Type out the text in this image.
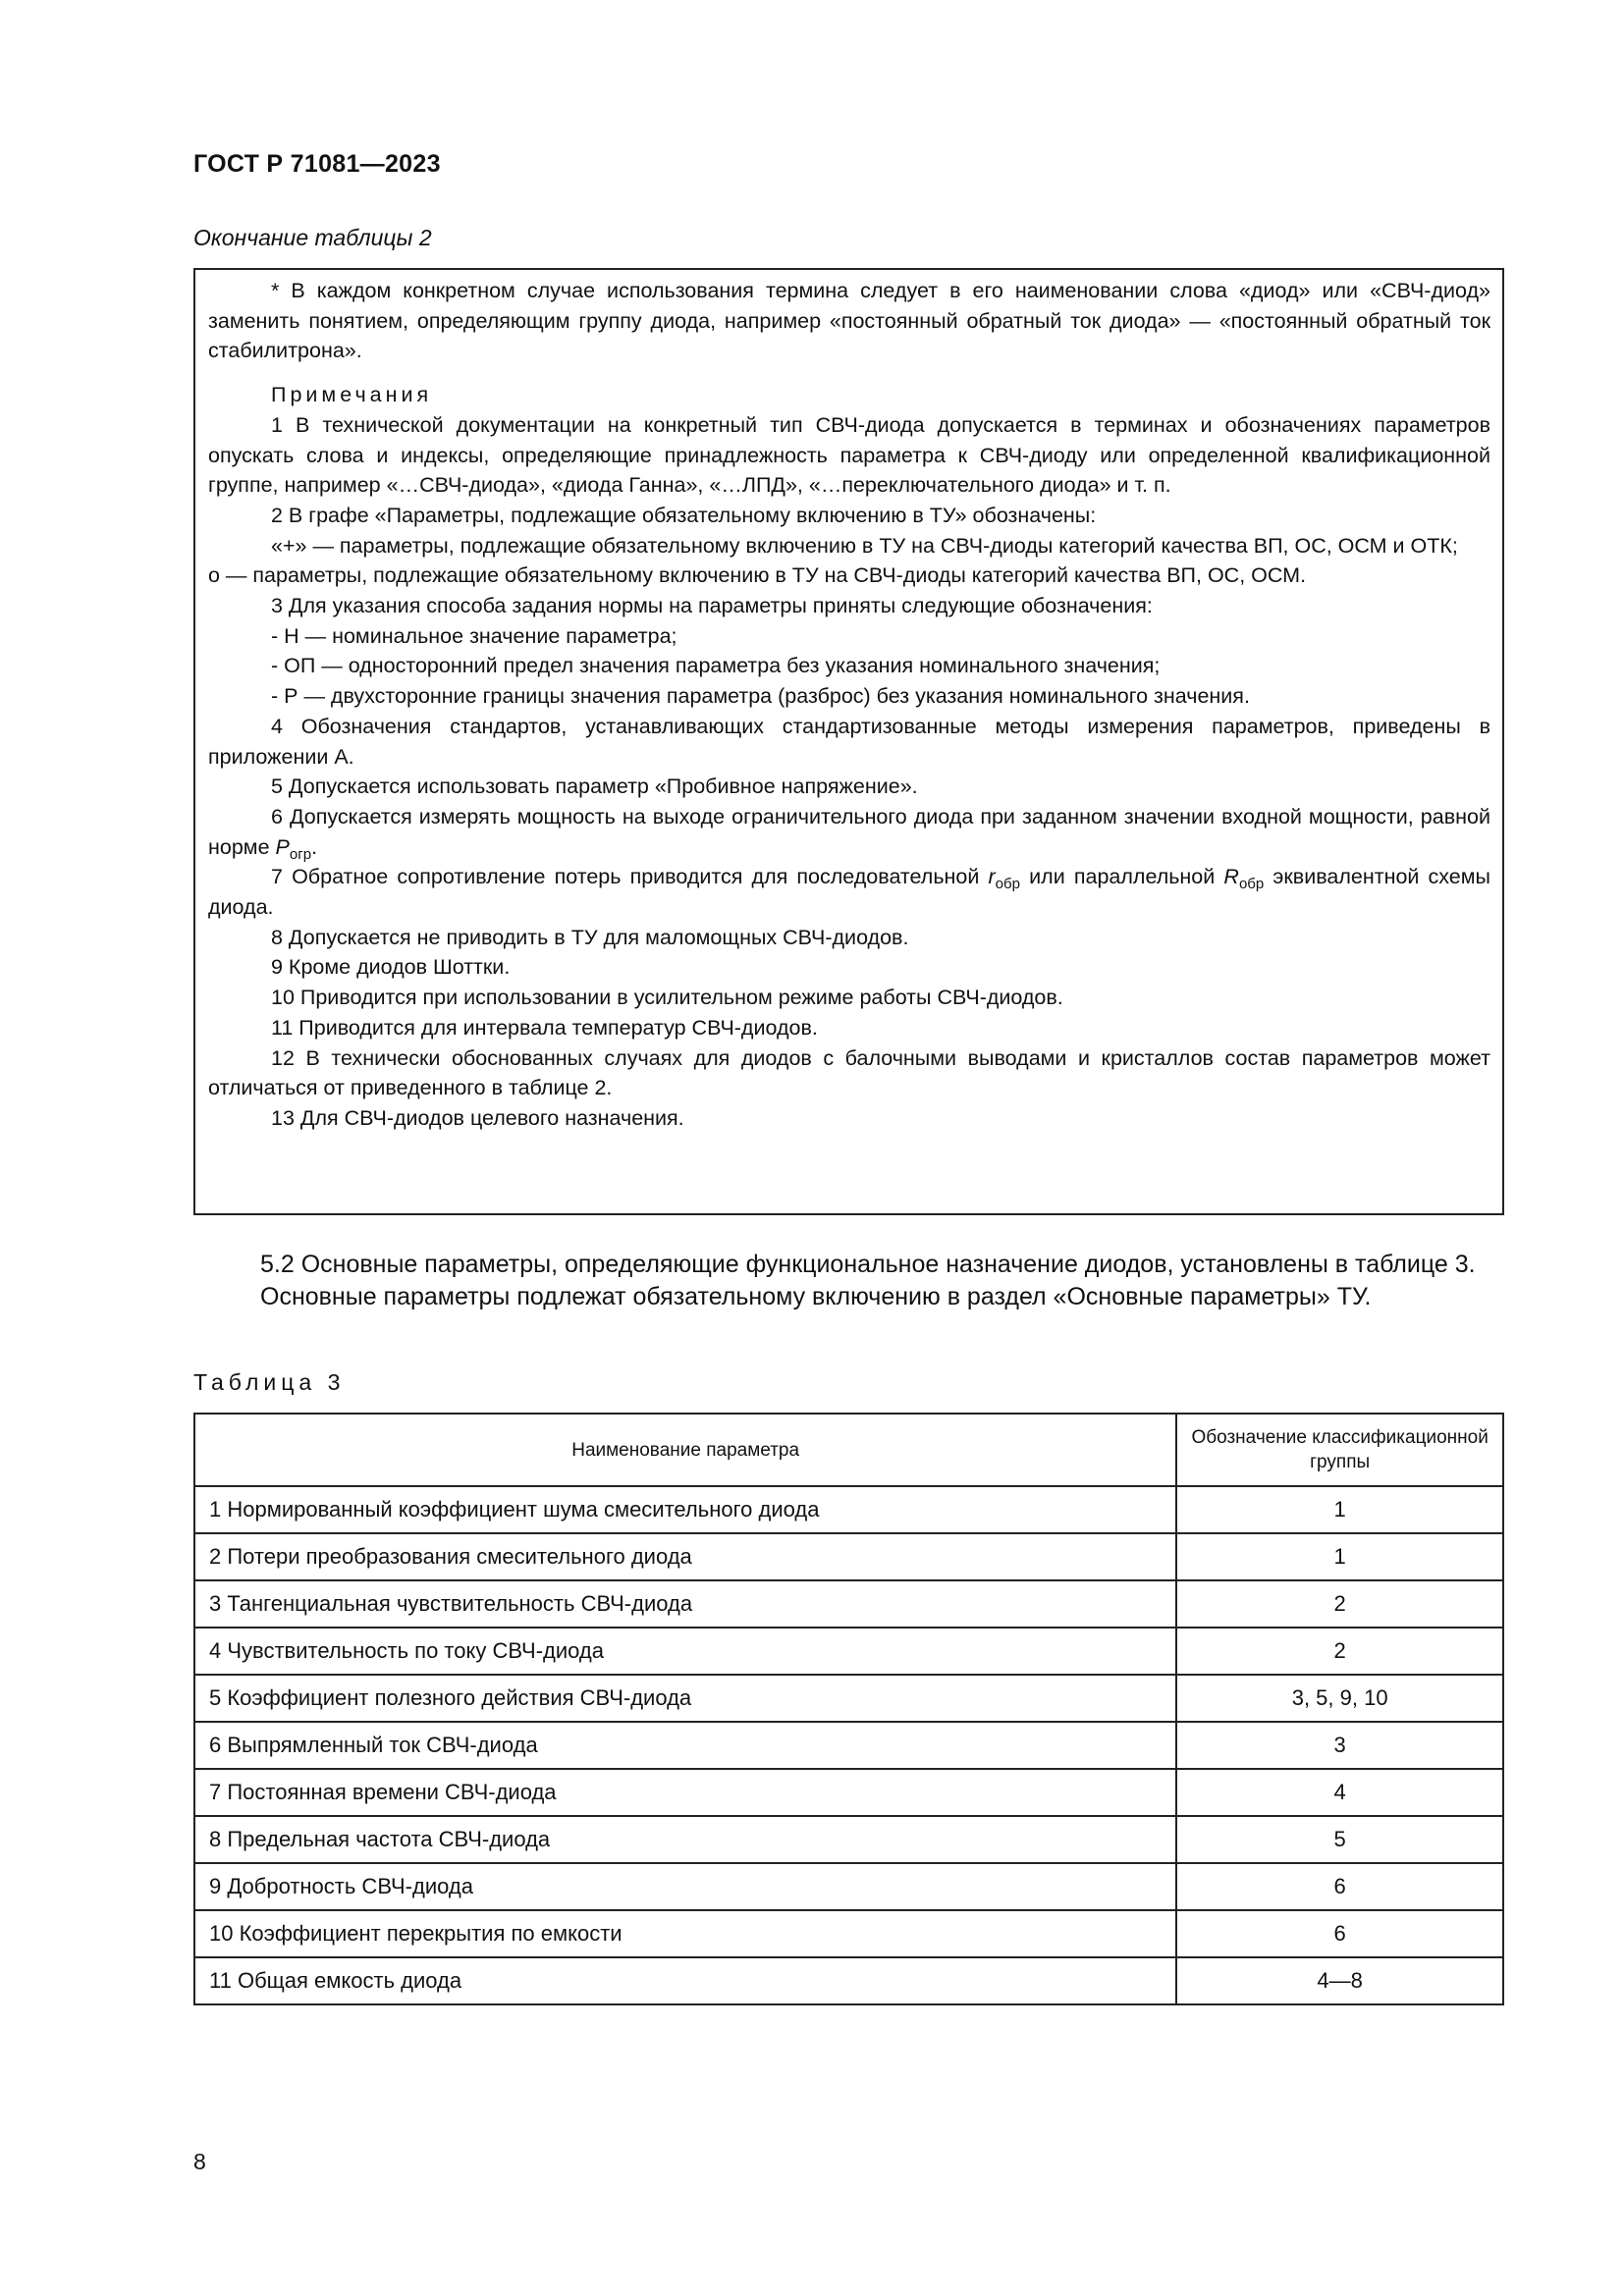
ГОСТ Р 71081—2023
Окончание таблицы 2

* В каждом конкретном случае использования термина следует в его наименовании слова «диод» или «СВЧ-диод» заменить понятием, определяющим группу диода, например «постоянный обратный ток диода» — «постоянный обратный ток стабилитрона».

Примечания

1 В технической документации на конкретный тип СВЧ-диода допускается в терминах и обозначениях параметров опускать слова и индексы, определяющие принадлежность параметра к СВЧ-диоду или определенной квалификационной группе, например «…СВЧ-диода», «диода Ганна», «…ЛПД», «…переключательного диода» и т. п.

2 В графе «Параметры, подлежащие обязательному включению в ТУ» обозначены:

«+» — параметры, подлежащие обязательному включению в ТУ на СВЧ-диоды категорий качества ВП, ОС, ОСМ и ОТК;

о — параметры, подлежащие обязательному включению в ТУ на СВЧ-диоды категорий качества ВП, ОС, ОСМ.

3 Для указания способа задания нормы на параметры приняты следующие обозначения:

- Н — номинальное значение параметра;

- ОП — односторонний предел значения параметра без указания номинального значения;

- Р — двухсторонние границы значения параметра (разброс) без указания номинального значения.

4 Обозначения стандартов, устанавливающих стандартизованные методы измерения параметров, приведены в приложении А.

5 Допускается использовать параметр «Пробивное напряжение».

6 Допускается измерять мощность на выходе ограничительного диода при заданном значении входной мощности, равной норме $P_{огр}$.

7 Обратное сопротивление потерь приводится для последовательной $r_{обр}$ или параллельной $R_{обр}$ эквивалентной схемы диода.

8 Допускается не приводить в ТУ для маломощных СВЧ-диодов.

9 Кроме диодов Шоттки.

10 Приводится при использовании в усилительном режиме работы СВЧ-диодов.

11 Приводится для интервала температур СВЧ-диодов.

12 В технически обоснованных случаях для диодов с балочными выводами и кристаллов состав параметров может отличаться от приведенного в таблице 2.

13 Для СВЧ-диодов целевого назначения.

5.2 Основные параметры, определяющие функциональное назначение диодов, установлены в таблице 3.

Основные параметры подлежат обязательному включению в раздел «Основные параметры» ТУ.

Таблица 3
Наименование параметра	Обозначение классификационной группы
1 Нормированный коэффициент шума смесительного диода	1
2 Потери преобразования смесительного диода	1
3 Тангенциальная чувствительность СВЧ-диода	2
4 Чувствительность по току СВЧ-диода	2
5 Коэффициент полезного действия СВЧ-диода	3, 5, 9, 10
6 Выпрямленный ток СВЧ-диода	3
7 Постоянная времени СВЧ-диода	4
8 Предельная частота СВЧ-диода	5
9 Добротность СВЧ-диода	6
10 Коэффициент перекрытия по емкости	6
11 Общая емкость диода	4—8
8
